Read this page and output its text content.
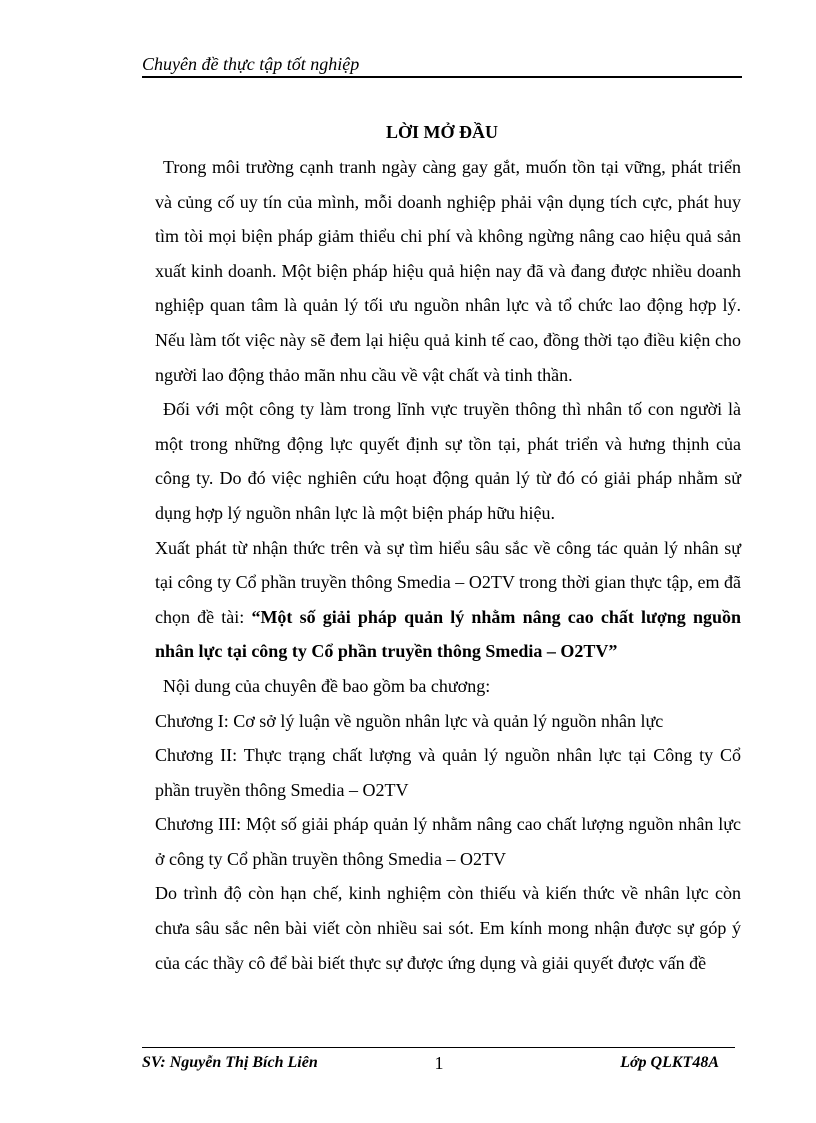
Chuyên đề thực tập tốt nghiệp
LỜI MỞ ĐẦU

Trong môi trường cạnh tranh ngày càng gay gắt, muốn tồn tại vững, phát triển và củng cố uy tín của mình, mỗi doanh nghiệp phải vận dụng tích cực, phát huy tìm tòi mọi biện pháp giảm thiểu chi phí và không ngừng nâng cao hiệu quả sản xuất kinh doanh. Một biện pháp hiệu quả hiện nay đã và đang được nhiều doanh nghiệp quan tâm là quản lý tối ưu nguồn nhân lực và tổ chức lao động hợp lý. Nếu làm tốt việc này sẽ đem lại hiệu quả kinh tế cao, đồng thời tạo điều kiện cho người lao động thảo mãn nhu cầu về vật chất và tinh thần.

Đối với một công ty làm trong lĩnh vực truyền thông thì nhân tố con người là một trong những động lực quyết định sự tồn tại, phát triển và hưng thịnh của công ty. Do đó việc nghiên cứu hoạt động quản lý từ đó có giải pháp nhằm sử dụng hợp lý nguồn nhân lực là một biện pháp hữu hiệu.

Xuất phát từ nhận thức trên và sự tìm hiểu sâu sắc về công tác quản lý nhân sự tại công ty Cổ phần truyền thông Smedia – O2TV trong thời gian thực tập, em đã chọn đề tài: “Một số giải pháp quản lý nhằm nâng cao chất lượng nguồn nhân lực tại công ty Cổ phần truyền thông Smedia – O2TV”

Nội dung của chuyên đề bao gồm ba chương:

Chương I: Cơ sở lý luận về nguồn nhân lực và quản lý nguồn nhân lực

Chương II: Thực trạng chất lượng và quản lý nguồn nhân lực tại Công ty Cổ phần truyền thông Smedia – O2TV

Chương III: Một số giải pháp quản lý nhằm nâng cao chất lượng nguồn nhân lực ở công ty Cổ phần truyền thông Smedia – O2TV

Do trình độ còn hạn chế, kinh nghiệm còn thiếu và kiến thức về nhân lực còn chưa sâu sắc nên bài viết còn nhiều sai sót. Em kính mong nhận được sự góp ý của các thầy cô để bài biết thực sự được ứng dụng và giải quyết được vấn đề

SV: Nguyễn Thị Bích Liên	1	Lớp QLKT48A
